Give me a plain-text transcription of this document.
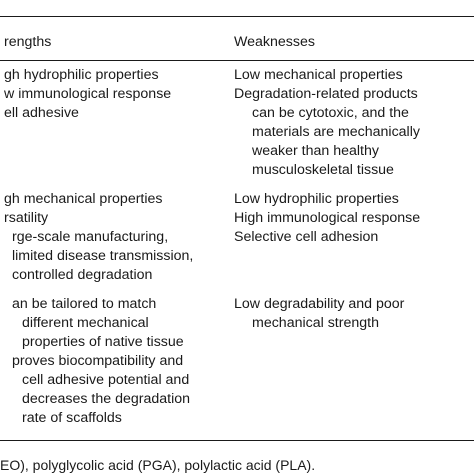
rengths	Weaknesses
gh hydrophilic properties
w immunological response
ell adhesive
Low mechanical properties
Degradation-related products
can be cytotoxic, and the
materials are mechanically
weaker than healthy
musculoskeletal tissue
gh mechanical properties
rsatility
rge-scale manufacturing,
limited disease transmission,
controlled degradation
Low hydrophilic properties
High immunological response
Selective cell adhesion
an be tailored to match
different mechanical
properties of native tissue
proves biocompatibility and
cell adhesive potential and
decreases the degradation
rate of scaffolds
Low degradability and poor
mechanical strength
EO), polyglycolic acid (PGA), polylactic acid (PLA).
